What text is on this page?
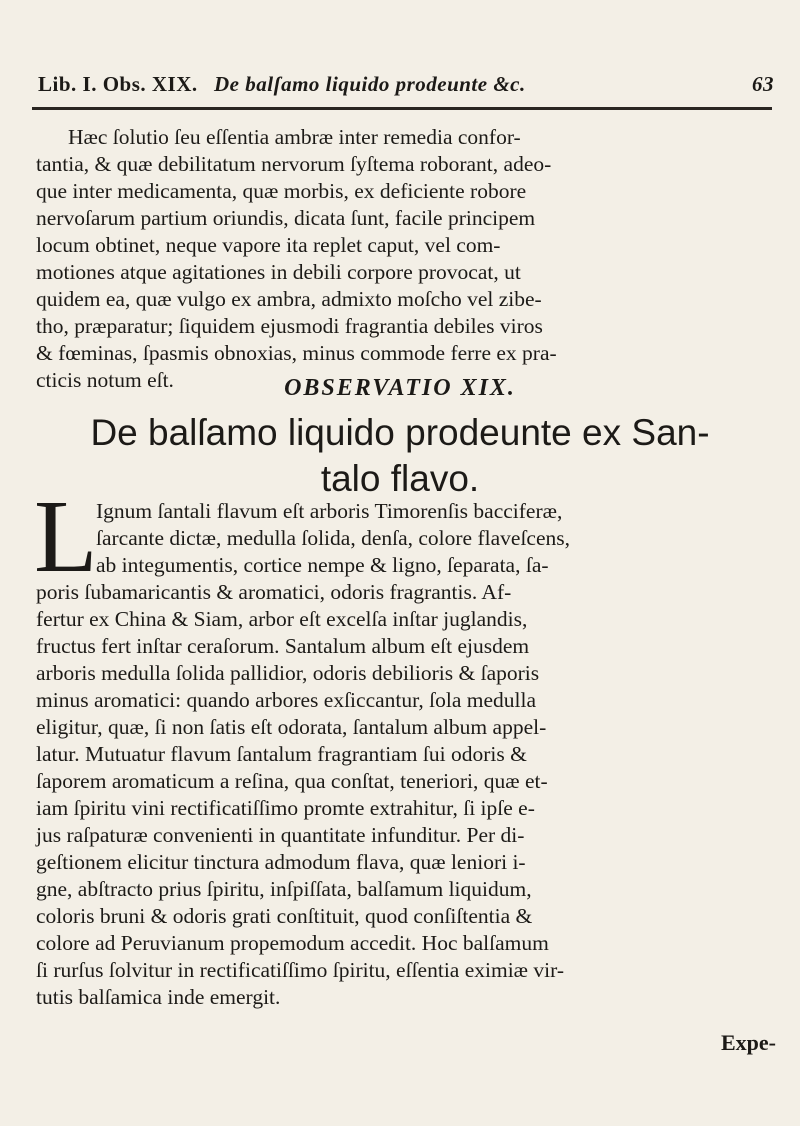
Lib. I. Obs. XIX. De balſamo liquido prodeunte &c.	63

Hæc ſolutio ſeu eſſentia ambræ inter remedia confor-
tantia, & quæ debilitatum nervorum ſyſtema roborant, adeo-
que inter medicamenta, quæ morbis, ex deficiente robore
nervoſarum partium oriundis, dicata ſunt, facile principem
locum obtinet, neque vapore ita replet caput, vel com-
motiones atque agitationes in debili corpore provocat, ut
quidem ea, quæ vulgo ex ambra, admixto moſcho vel zibe-
tho, præparatur; ſiquidem ejusmodi fragrantia debiles viros
& fœminas, ſpasmis obnoxias, minus commode ferre ex pra-
cticis notum eſt.	OBSERVATIO XIX.
De balſamo liquido prodeunte ex San-
talo flavo.
L

Ignum ſantali flavum eſt arboris Timorenſis bacciferæ,
ſarcante dictæ, medulla ſolida, denſa, colore flaveſcens,
ab integumentis, cortice nempe & ligno, ſeparata, ſa-
poris ſubamaricantis & aromatici, odoris fragrantis. Af-
fertur ex China & Siam, arbor eſt excelſa inſtar juglandis,
fructus fert inſtar ceraſorum. Santalum album eſt ejusdem
arboris medulla ſolida pallidior, odoris debilioris & ſaporis
minus aromatici: quando arbores exſiccantur, ſola medulla
eligitur, quæ, ſi non ſatis eſt odorata, ſantalum album appel-
latur. Mutuatur flavum ſantalum fragrantiam ſui odoris &
ſaporem aromaticum a reſina, qua conſtat, teneriori, quæ et-
iam ſpiritu vini rectificatiſſimo promte extrahitur, ſi ipſe e-
jus raſpaturæ convenienti in quantitate infunditur. Per di-
geſtionem elicitur tinctura admodum flava, quæ leniori i-
gne, abſtracto prius ſpiritu, inſpiſſata, balſamum liquidum,
coloris bruni & odoris grati conſtituit, quod conſiſtentia &
colore ad Peruvianum propemodum accedit. Hoc balſamum
ſi rurſus ſolvitur in rectificatiſſimo ſpiritu, eſſentia eximiæ vir-
tutis balſamica inde emergit.

Expe-
